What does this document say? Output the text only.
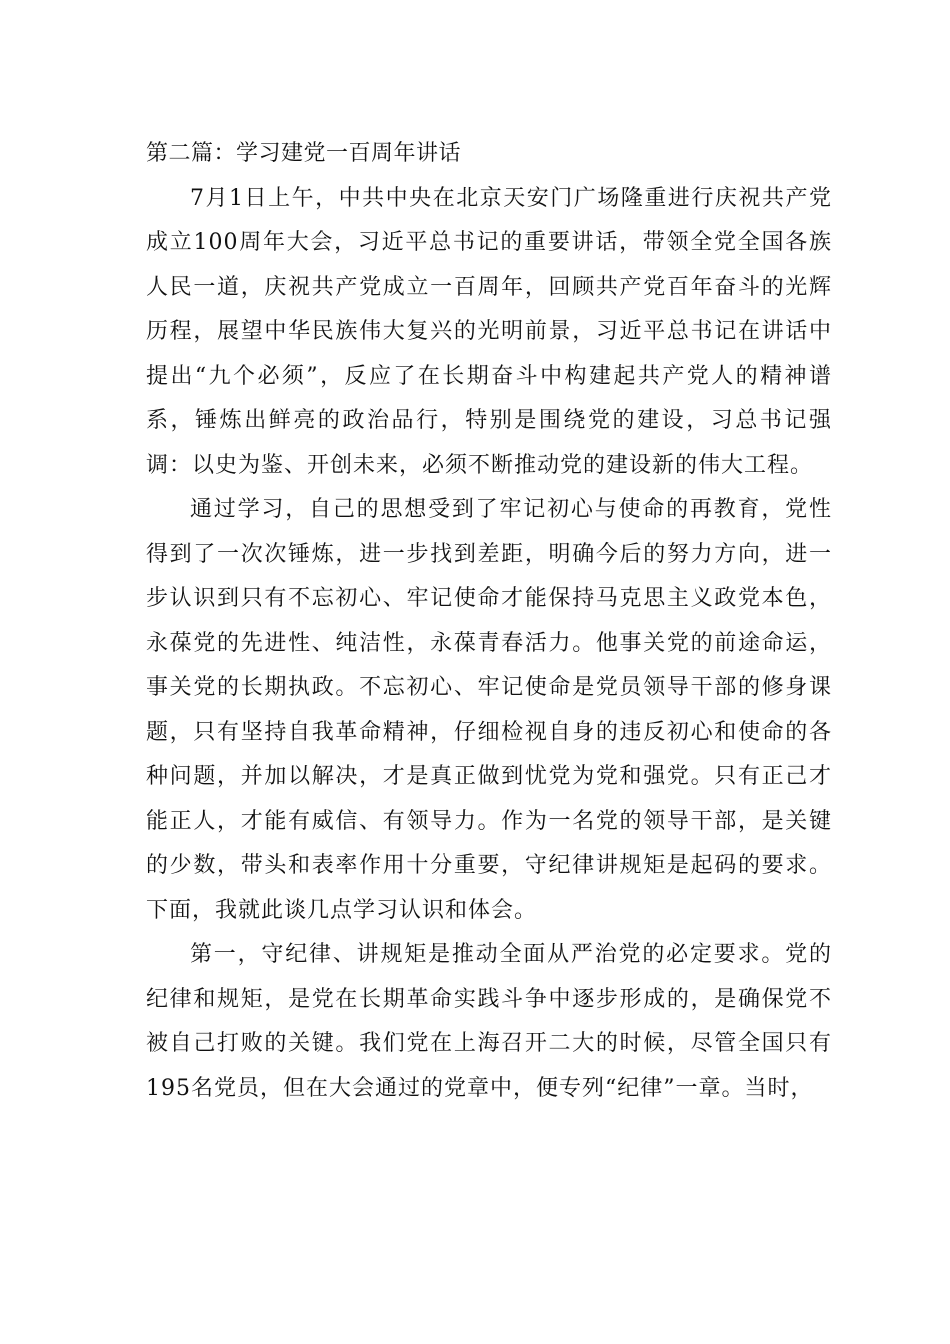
第二篇：学习建党一百周年讲话

7月1日上午，中共中央在北京天安门广场隆重进行庆祝共产党成立100周年大会，习近平总书记的重要讲话，带领全党全国各族人民一道，庆祝共产党成立一百周年，回顾共产党百年奋斗的光辉历程，展望中华民族伟大复兴的光明前景，习近平总书记在讲话中提出“九个必须”，反应了在长期奋斗中构建起共产党人的精神谱系，锤炼出鲜亮的政治品行，特别是围绕党的建设，习总书记强调：以史为鉴、开创未来，必须不断推动党的建设新的伟大工程。

通过学习，自己的思想受到了牢记初心与使命的再教育，党性得到了一次次锤炼，进一步找到差距，明确今后的努力方向，进一步认识到只有不忘初心、牢记使命才能保持马克思主义政党本色，永葆党的先进性、纯洁性，永葆青春活力。他事关党的前途命运，事关党的长期执政。不忘初心、牢记使命是党员领导干部的修身课题，只有坚持自我革命精神，仔细检视自身的违反初心和使命的各种问题，并加以解决，才是真正做到忧党为党和强党。只有正己才能正人，才能有威信、有领导力。作为一名党的领导干部，是关键的少数，带头和表率作用十分重要，守纪律讲规矩是起码的要求。下面，我就此谈几点学习认识和体会。

第一，守纪律、讲规矩是推动全面从严治党的必定要求。党的纪律和规矩，是党在长期革命实践斗争中逐步形成的，是确保党不被自己打败的关键。我们党在上海召开二大的时候，尽管全国只有195名党员，但在大会通过的党章中，便专列“纪律”一章。当时，
